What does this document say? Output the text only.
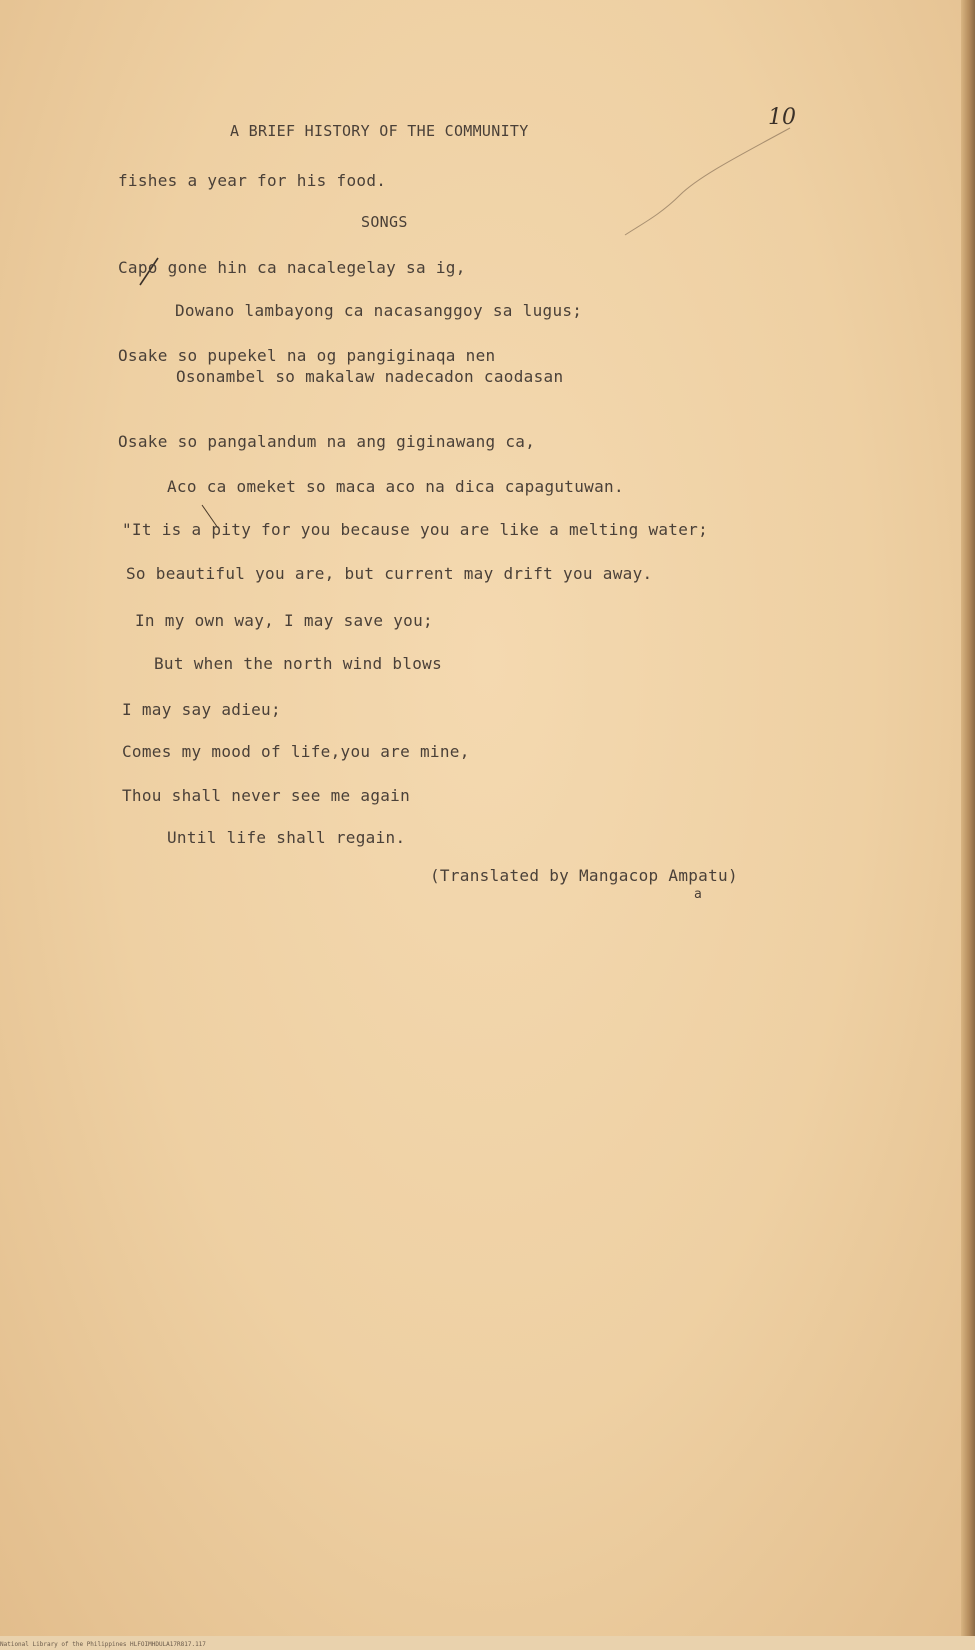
10
A BRIEF HISTORY OF THE COMMUNITY
fishes a year for his food.
SONGS
Capo gone hin ca nacalegelay sa ig,
Dowano lambayong ca nacasanggoy sa lugus;
Osake so pupekel na og pangiginaqa nen
Osonambel so makalaw nadecadon caodasan
Osake so pangalandum na ang giginawang ca,
Aco ca omeket so maca aco na dica capagutuwan.
"It is a pity for you because you are like a melting water;
So beautiful you are, but current may drift you away.
In my own way, I may save you;
But when the north wind blows
I may say adieu;
Comes my mood of life,you are mine,
Thou shall never see me again
Until life shall regain.
(Translated by Mangacop Ampatu)
a
National Library of the Philippines HLFOIMHDULA17R817.117
